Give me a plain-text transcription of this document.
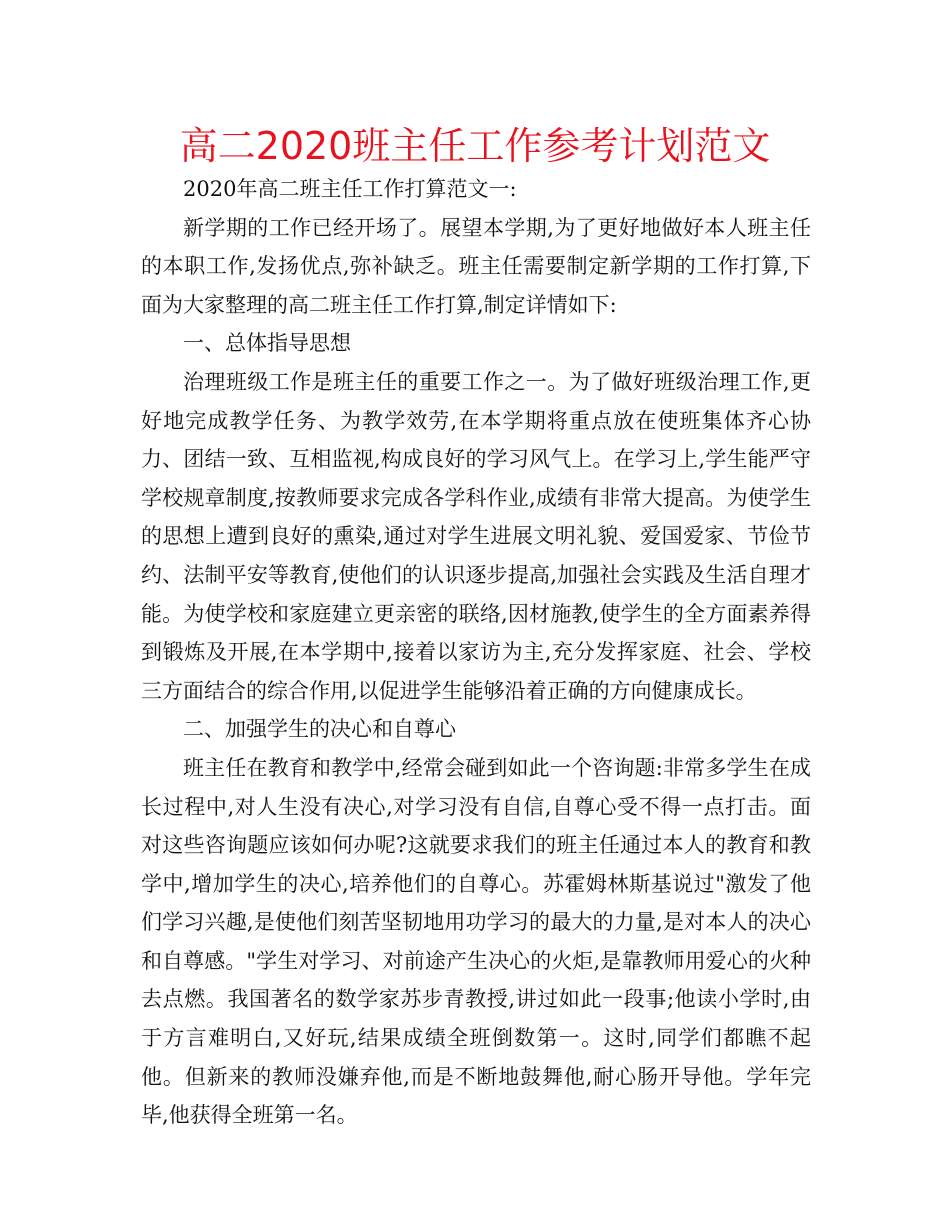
高二2020班主任工作参考计划范文

2020年高二班主任工作打算范文一:

新学期的工作已经开场了。展望本学期,为了更好地做好本人班主任的本职工作,发扬优点,弥补缺乏。班主任需要制定新学期的工作打算,下面为大家整理的高二班主任工作打算,制定详情如下:

一、总体指导思想

治理班级工作是班主任的重要工作之一。为了做好班级治理工作,更好地完成教学任务、为教学效劳,在本学期将重点放在使班集体齐心协力、团结一致、互相监视,构成良好的学习风气上。在学习上,学生能严守学校规章制度,按教师要求完成各学科作业,成绩有非常大提高。为使学生的思想上遭到良好的熏染,通过对学生进展文明礼貌、爱国爱家、节俭节约、法制平安等教育,使他们的认识逐步提高,加强社会实践及生活自理才能。为使学校和家庭建立更亲密的联络,因材施教,使学生的全方面素养得到锻炼及开展,在本学期中,接着以家访为主,充分发挥家庭、社会、学校三方面结合的综合作用,以促进学生能够沿着正确的方向健康成长。

二、加强学生的决心和自尊心

班主任在教育和教学中,经常会碰到如此一个咨询题:非常多学生在成长过程中,对人生没有决心,对学习没有自信,自尊心受不得一点打击。面对这些咨询题应该如何办呢?这就要求我们的班主任通过本人的教育和教学中,增加学生的决心,培养他们的自尊心。苏霍姆林斯基说过"激发了他们学习兴趣,是使他们刻苦坚韧地用功学习的最大的力量,是对本人的决心和自尊感。"学生对学习、对前途产生决心的火炬,是靠教师用爱心的火种去点燃。我国著名的数学家苏步青教授,讲过如此一段事;他读小学时,由于方言难明白,又好玩,结果成绩全班倒数第一。这时,同学们都瞧不起他。但新来的教师没嫌弃他,而是不断地鼓舞他,耐心肠开导他。学年完毕,他获得全班第一名。
